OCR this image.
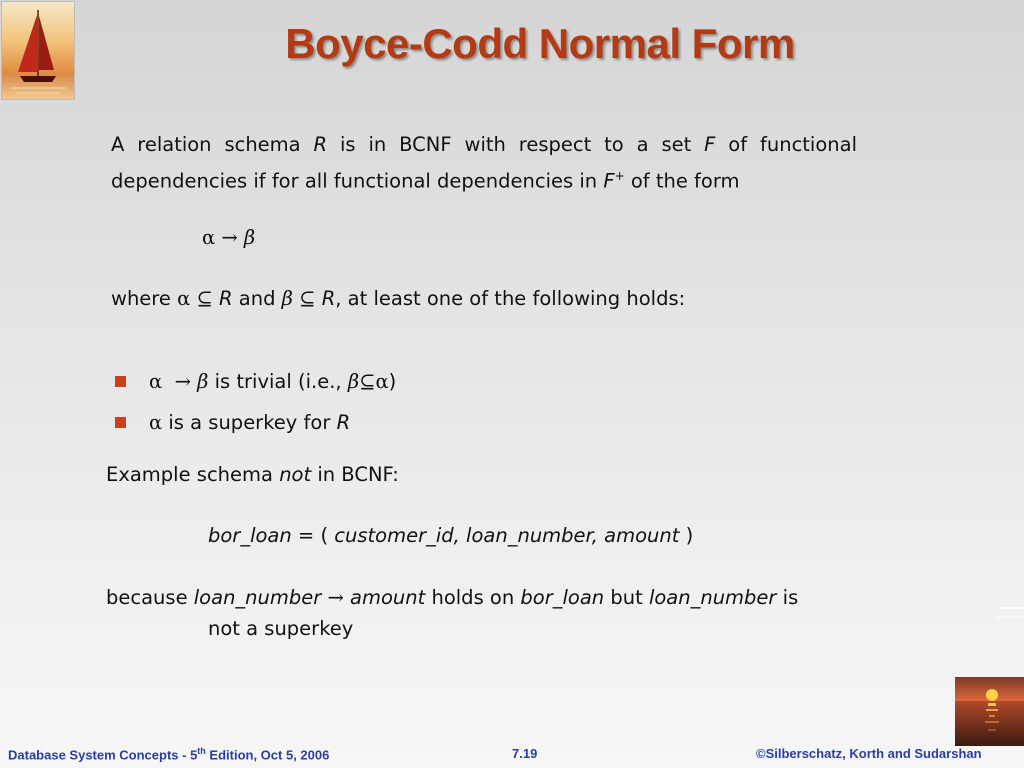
Boyce-Codd Normal Form
A relation schema R is in BCNF with respect to a set F of functional
dependencies if for all functional dependencies in F+ of the form
α → β
where α ⊆ R and β ⊆ R, at least one of the following holds:
α → β is trivial (i.e., β⊆α)
α is a superkey for R
Example schema not in BCNF:
bor_loan = ( customer_id, loan_number, amount )
because loan_number → amount holds on bor_loan but loan_number is
not a superkey
Database System Concepts - 5th Edition, Oct 5, 2006	7.19	©Silberschatz, Korth and Sudarshan
